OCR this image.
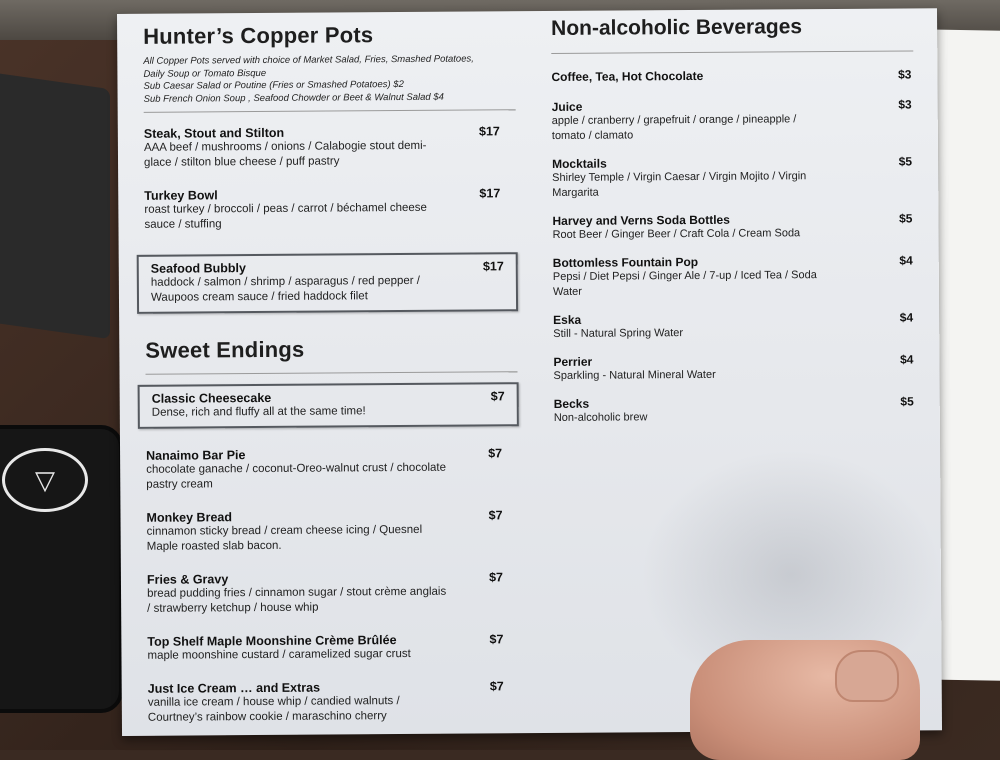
▽
Hunter’s Copper Pots
All Copper Pots served with choice of Market Salad, Fries, Smashed Potatoes,
Daily Soup or Tomato Bisque
Sub Caesar Salad or Poutine (Fries or Smashed Potatoes) $2
Sub French Onion Soup , Seafood Chowder or Beet & Walnut Salad $4
Steak, Stout and Stilton	$17
AAA beef / mushrooms / onions / Calabogie stout demi-glace / stilton blue cheese / puff pastry
Turkey Bowl	$17
roast turkey / broccoli / peas / carrot / béchamel cheese sauce / stuffing
Seafood Bubbly	$17
haddock / salmon / shrimp / asparagus / red pepper / Waupoos cream sauce / fried haddock filet
Sweet Endings
Classic Cheesecake	$7
Dense, rich and fluffy all at the same time!
Nanaimo Bar Pie	$7
chocolate ganache / coconut-Oreo-walnut crust / chocolate pastry cream
Monkey Bread	$7
cinnamon sticky bread / cream cheese icing / Quesnel Maple roasted slab bacon.
Fries & Gravy	$7
bread pudding fries / cinnamon sugar / stout crème anglais / strawberry ketchup / house whip
Top Shelf Maple Moonshine Crème Brûlée	$7
maple moonshine custard / caramelized sugar crust
Just Ice Cream … and Extras	$7
vanilla ice cream / house whip / candied walnuts / Courtney’s rainbow cookie / maraschino cherry
Non-alcoholic Beverages
Coffee, Tea, Hot Chocolate	$3
Juice	$3
apple / cranberry / grapefruit / orange / pineapple / tomato / clamato
Mocktails	$5
Shirley Temple / Virgin Caesar / Virgin Mojito / Virgin Margarita
Harvey and Verns Soda Bottles	$5
Root Beer / Ginger Beer / Craft Cola / Cream Soda
Bottomless Fountain Pop	$4
Pepsi / Diet Pepsi / Ginger Ale / 7-up / Iced Tea / Soda Water
Eska	$4
Still - Natural Spring Water
Perrier	$4
Sparkling - Natural Mineral Water
Becks	$5
Non-alcoholic brew
